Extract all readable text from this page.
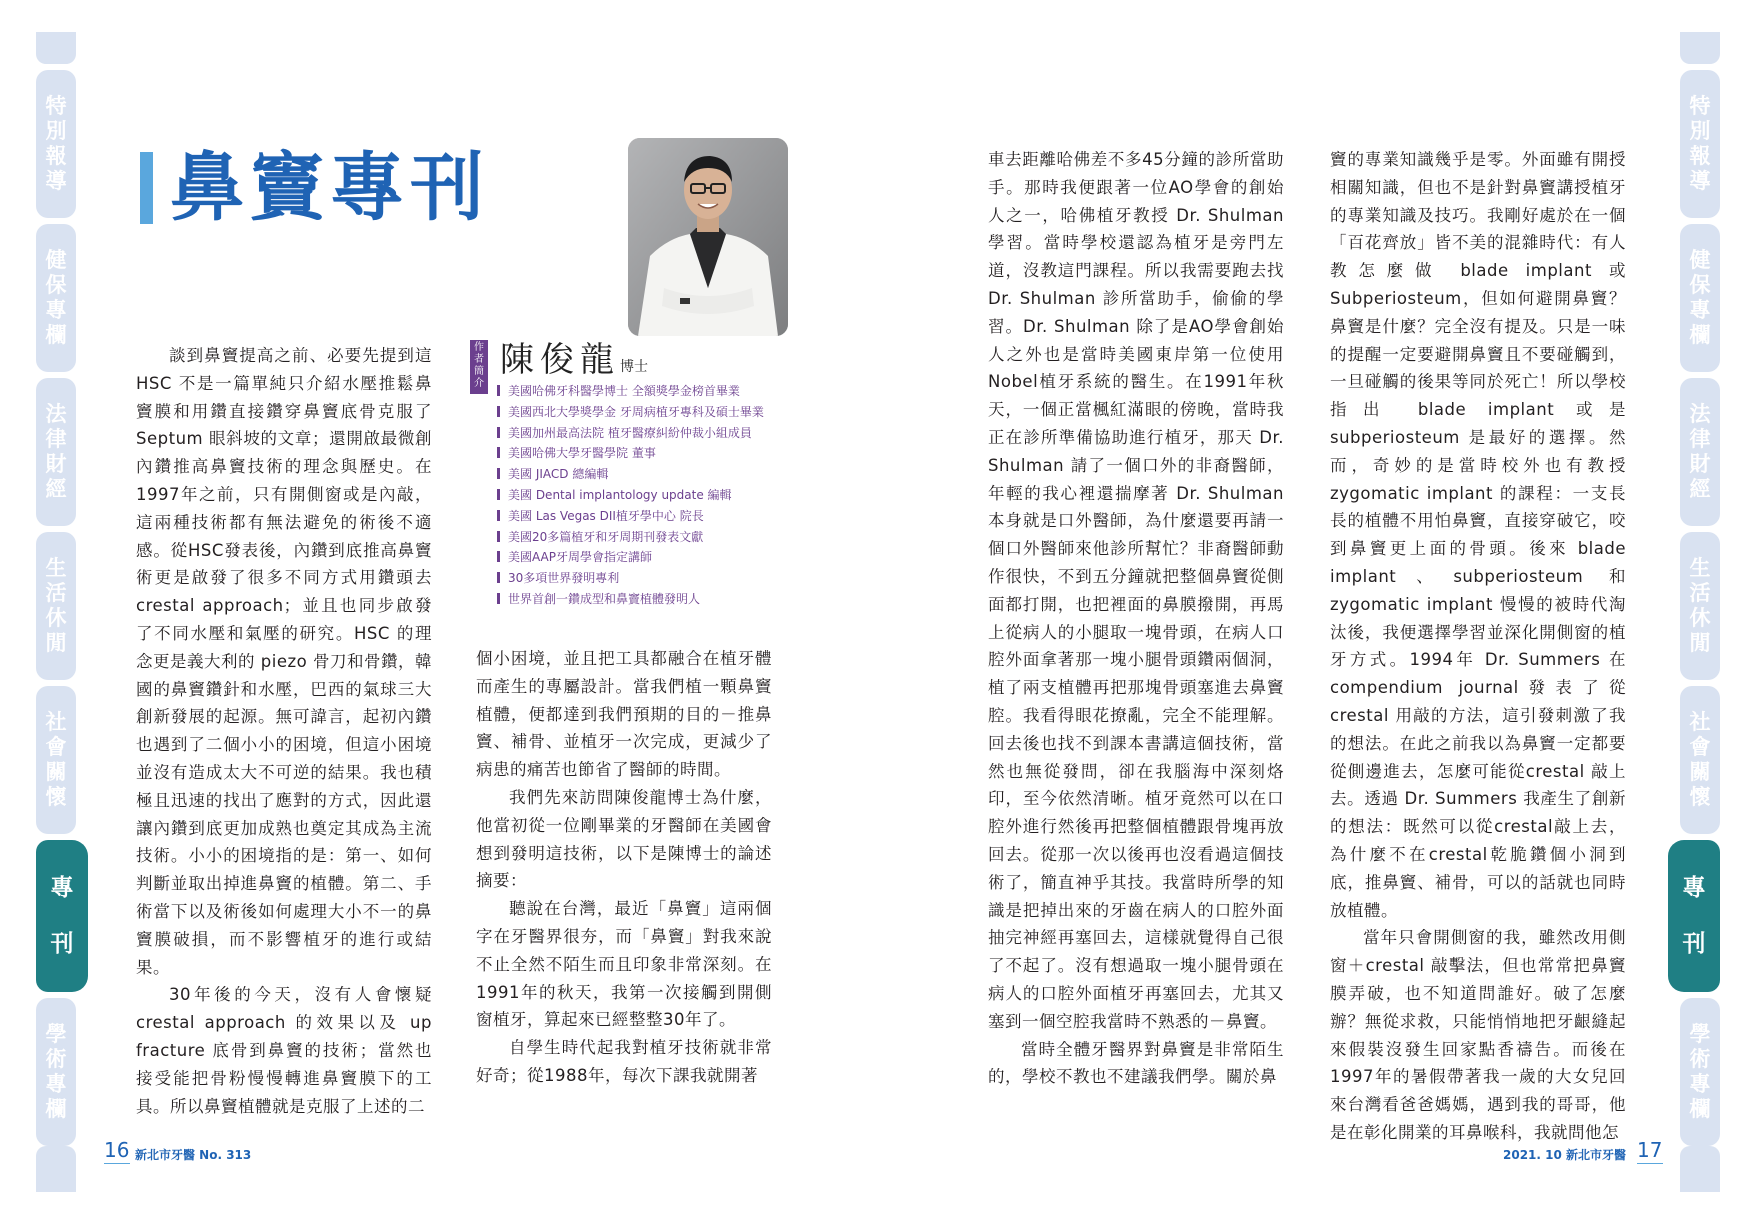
特
別
報
導
健
保
專
欄
法
律
財
經
生
活
休
閒
社
會
關
懷
專
刊
學
術
專
欄
特
別
報
導
健
保
專
欄
法
律
財
經
生
活
休
閒
社
會
關
懷
專
刊
學
術
專
欄
鼻竇專刊
作
者
簡
介
陳俊龍博士
美國哈佛牙科醫學博士 全額獎學金榜首畢業
美國西北大學獎學金 牙周病植牙專科及碩士畢業
美國加州最高法院 植牙醫療糾紛仲裁小組成員
美國哈佛大學牙醫學院 董事
美國 JIACD 總編輯
美國 Dental implantology update 編輯
美國 Las Vegas DII植牙學中心 院長
美國20多篇植牙和牙周期刊發表文獻
美國AAP牙周學會指定講師
30多項世界發明專利
世界首創一鑽成型和鼻竇植體發明人

談到鼻竇提高之前、必要先提到這HSC 不是一篇單純只介紹水壓推鬆鼻竇膜和用鑽直接鑽穿鼻竇底骨克服了Septum 眼斜坡的文章；還開啟最微創內鑽推高鼻竇技術的理念與歷史。在1997年之前，只有開側窗或是內敲，這兩種技術都有無法避免的術後不適感。從HSC發表後，內鑽到底推高鼻竇術更是啟發了很多不同方式用鑽頭去 crestal approach；並且也同步啟發了不同水壓和氣壓的研究。HSC 的理念更是義大利的 piezo 骨刀和骨鑽，韓國的鼻竇鑽針和水壓，巴西的氣球三大創新發展的起源。無可諱言，起初內鑽也遇到了二個小小的困境，但這小困境並沒有造成太大不可逆的結果。我也積極且迅速的找出了應對的方式，因此還讓內鑽到底更加成熟也奠定其成為主流技術。小小的困境指的是：第一、如何判斷並取出掉進鼻竇的植體。第二、手術當下以及術後如何處理大小不一的鼻竇膜破損，而不影響植牙的進行或結果。

30年後的今天，沒有人會懷疑 crestal approach 的效果以及 up fracture 底骨到鼻竇的技術；當然也接受能把骨粉慢慢轉進鼻竇膜下的工具。所以鼻竇植體就是克服了上述的二

個小困境，並且把工具都融合在植牙體而產生的專屬設計。當我們植一顆鼻竇植體，便都達到我們預期的目的－推鼻竇、補骨、並植牙一次完成，更減少了病患的痛苦也節省了醫師的時間。

我們先來訪問陳俊龍博士為什麼，他當初從一位剛畢業的牙醫師在美國會想到發明這技術，以下是陳博士的論述摘要：

聽說在台灣，最近「鼻竇」這兩個字在牙醫界很夯，而「鼻竇」對我來說不止全然不陌生而且印象非常深刻。在1991年的秋天，我第一次接觸到開側窗植牙，算起來已經整整30年了。

自學生時代起我對植牙技術就非常好奇；從1988年，每次下課我就開著

車去距離哈佛差不多45分鐘的診所當助手。那時我便跟著一位AO學會的創始人之一，哈佛植牙教授 Dr. Shulman 學習。當時學校還認為植牙是旁門左道，沒教這門課程。所以我需要跑去找 Dr. Shulman 診所當助手，偷偷的學習。Dr. Shulman 除了是AO學會創始人之外也是當時美國東岸第一位使用Nobel植牙系統的醫生。在1991年秋天，一個正當楓紅滿眼的傍晚，當時我正在診所準備協助進行植牙，那天 Dr. Shulman 請了一個口外的非裔醫師，年輕的我心裡還揣摩著 Dr. Shulman 本身就是口外醫師，為什麼還要再請一個口外醫師來他診所幫忙？非裔醫師動作很快，不到五分鐘就把整個鼻竇從側面都打開，也把裡面的鼻膜撥開，再馬上從病人的小腿取一塊骨頭，在病人口腔外面拿著那一塊小腿骨頭鑽兩個洞，植了兩支植體再把那塊骨頭塞進去鼻竇腔。我看得眼花撩亂，完全不能理解。回去後也找不到課本書講這個技術，當然也無從發問，卻在我腦海中深刻烙印，至今依然清晰。植牙竟然可以在口腔外進行然後再把整個植體跟骨塊再放回去。從那一次以後再也沒看過這個技術了，簡直神乎其技。我當時所學的知識是把掉出來的牙齒在病人的口腔外面抽完神經再塞回去，這樣就覺得自己很了不起了。沒有想過取一塊小腿骨頭在病人的口腔外面植牙再塞回去，尤其又塞到一個空腔我當時不熟悉的－鼻竇。

當時全體牙醫界對鼻竇是非常陌生的，學校不教也不建議我們學。關於鼻

竇的專業知識幾乎是零。外面雖有開授相關知識，但也不是針對鼻竇講授植牙的專業知識及技巧。我剛好處於在一個「百花齊放」皆不美的混雜時代：有人教怎麼做 blade implant 或 Subperiosteum，但如何避開鼻竇？鼻竇是什麼？完全沒有提及。只是一味的提醒一定要避開鼻竇且不要碰觸到，一旦碰觸的後果等同於死亡！所以學校指出 blade implant 或是subperiosteum 是最好的選擇。然而，奇妙的是當時校外也有教授 zygomatic implant 的課程：一支長長的植體不用怕鼻竇，直接穿破它，咬到鼻竇更上面的骨頭。後來 blade implant、subperiosteum 和 zygomatic implant 慢慢的被時代淘汰後，我便選擇學習並深化開側窗的植牙方式。1994年 Dr. Summers 在 compendium journal發表了從crestal 用敲的方法，這引發刺激了我的想法。在此之前我以為鼻竇一定都要從側邊進去，怎麼可能從crestal 敲上去。透過 Dr. Summers 我產生了創新的想法：既然可以從crestal敲上去，為什麼不在crestal乾脆鑽個小洞到底，推鼻竇、補骨，可以的話就也同時放植體。

當年只會開側窗的我，雖然改用側窗＋crestal 敲擊法，但也常常把鼻竇膜弄破，也不知道問誰好。破了怎麼辦？無從求救，只能悄悄地把牙齦縫起來假裝沒發生回家點香禱告。而後在1997年的暑假帶著我一歲的大女兒回來台灣看爸爸媽媽，遇到我的哥哥，他是在彰化開業的耳鼻喉科，我就問他怎

16 新北市牙醫 No. 313	2021. 10 新北市牙醫 17
